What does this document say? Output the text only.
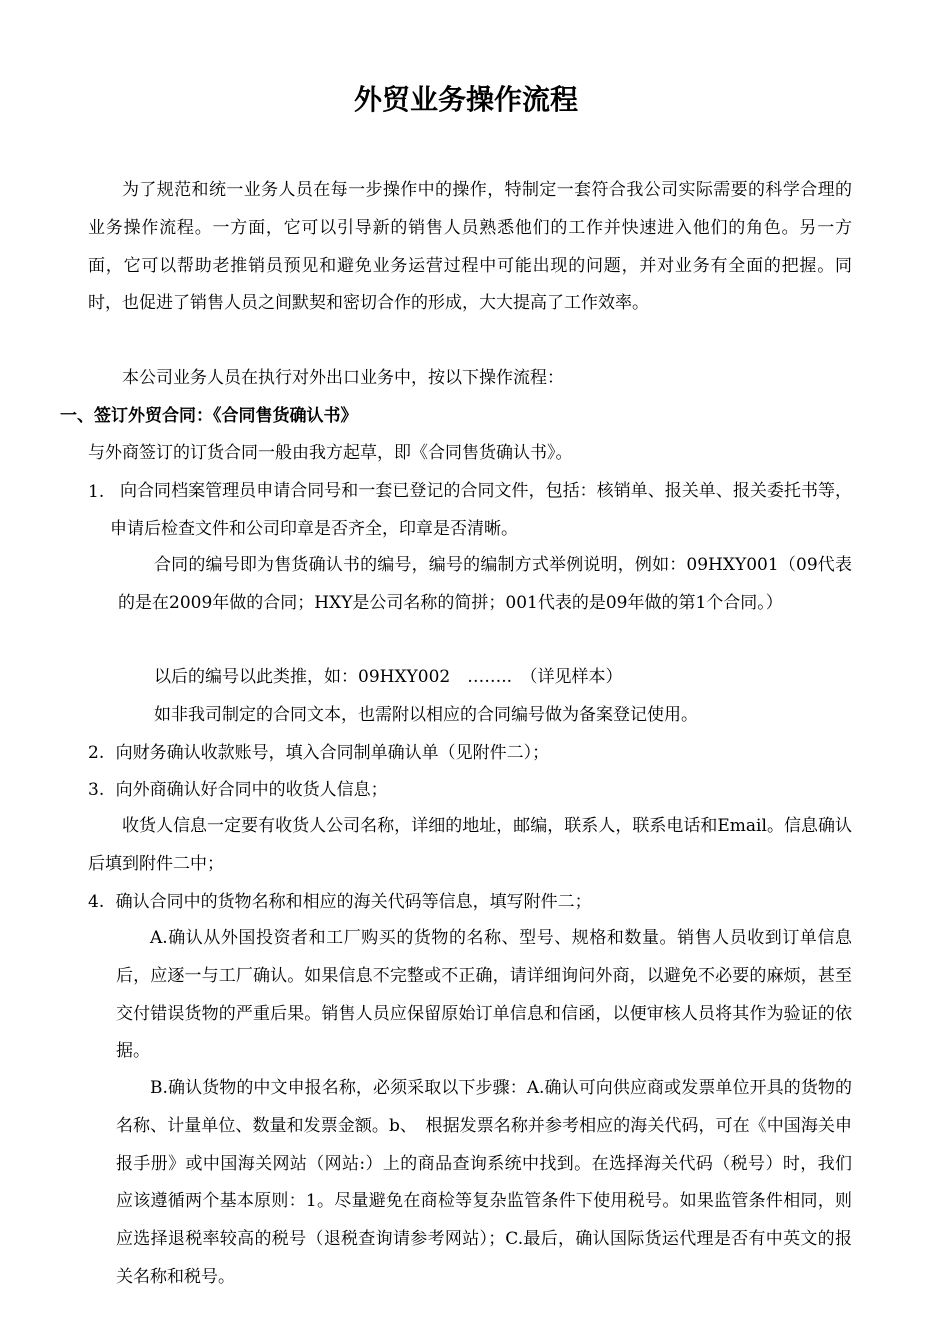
外贸业务操作流程

为了规范和统一业务人员在每一步操作中的操作，特制定一套符合我公司实际需要的科学合理的业务操作流程。一方面，它可以引导新的销售人员熟悉他们的工作并快速进入他们的角色。另一方面，它可以帮助老推销员预见和避免业务运营过程中可能出现的问题，并对业务有全面的把握。同时，也促进了销售人员之间默契和密切合作的形成，大大提高了工作效率。

本公司业务人员在执行对外出口业务中，按以下操作流程：

一、签订外贸合同：《合同售货确认书》

与外商签订的订货合同一般由我方起草，即《合同售货确认书》。

1. 向合同档案管理员申请合同号和一套已登记的合同文件，包括：核销单、报关单、报关委托书等，申请后检查文件和公司印章是否齐全，印章是否清晰。

合同的编号即为售货确认书的编号，编号的编制方式举例说明，例如：09HXY001（09代表的是在2009年做的合同；HXY是公司名称的简拼；001代表的是09年做的第1个合同。）

以后的编号以此类推，如：09HXY002　……..　（详见样本）

如非我司制定的合同文本，也需附以相应的合同编号做为备案登记使用。

2. 向财务确认收款账号，填入合同制单确认单（见附件二）；
3. 向外商确认好合同中的收货人信息；

收货人信息一定要有收货人公司名称，详细的地址，邮编，联系人，联系电话和Email。信息确认后填到附件二中；

4. 确认合同中的货物名称和相应的海关代码等信息，填写附件二；

A.确认从外国投资者和工厂购买的货物的名称、型号、规格和数量。销售人员收到订单信息后，应逐一与工厂确认。如果信息不完整或不正确，请详细询问外商，以避免不必要的麻烦，甚至交付错误货物的严重后果。销售人员应保留原始订单信息和信函，以便审核人员将其作为验证的依据。

B.确认货物的中文申报名称，必须采取以下步骤：A.确认可向供应商或发票单位开具的货物的名称、计量单位、数量和发票金额。b、　根据发票名称并参考相应的海关代码，可在《中国海关申报手册》或中国海关网站（网站:）上的商品查询系统中找到。在选择海关代码（税号）时，我们应该遵循两个基本原则：1。尽量避免在商检等复杂监管条件下使用税号。如果监管条件相同，则应选择退税率较高的税号（退税查询请参考网站）；C.最后，确认国际货运代理是否有中英文的报关名称和税号。
